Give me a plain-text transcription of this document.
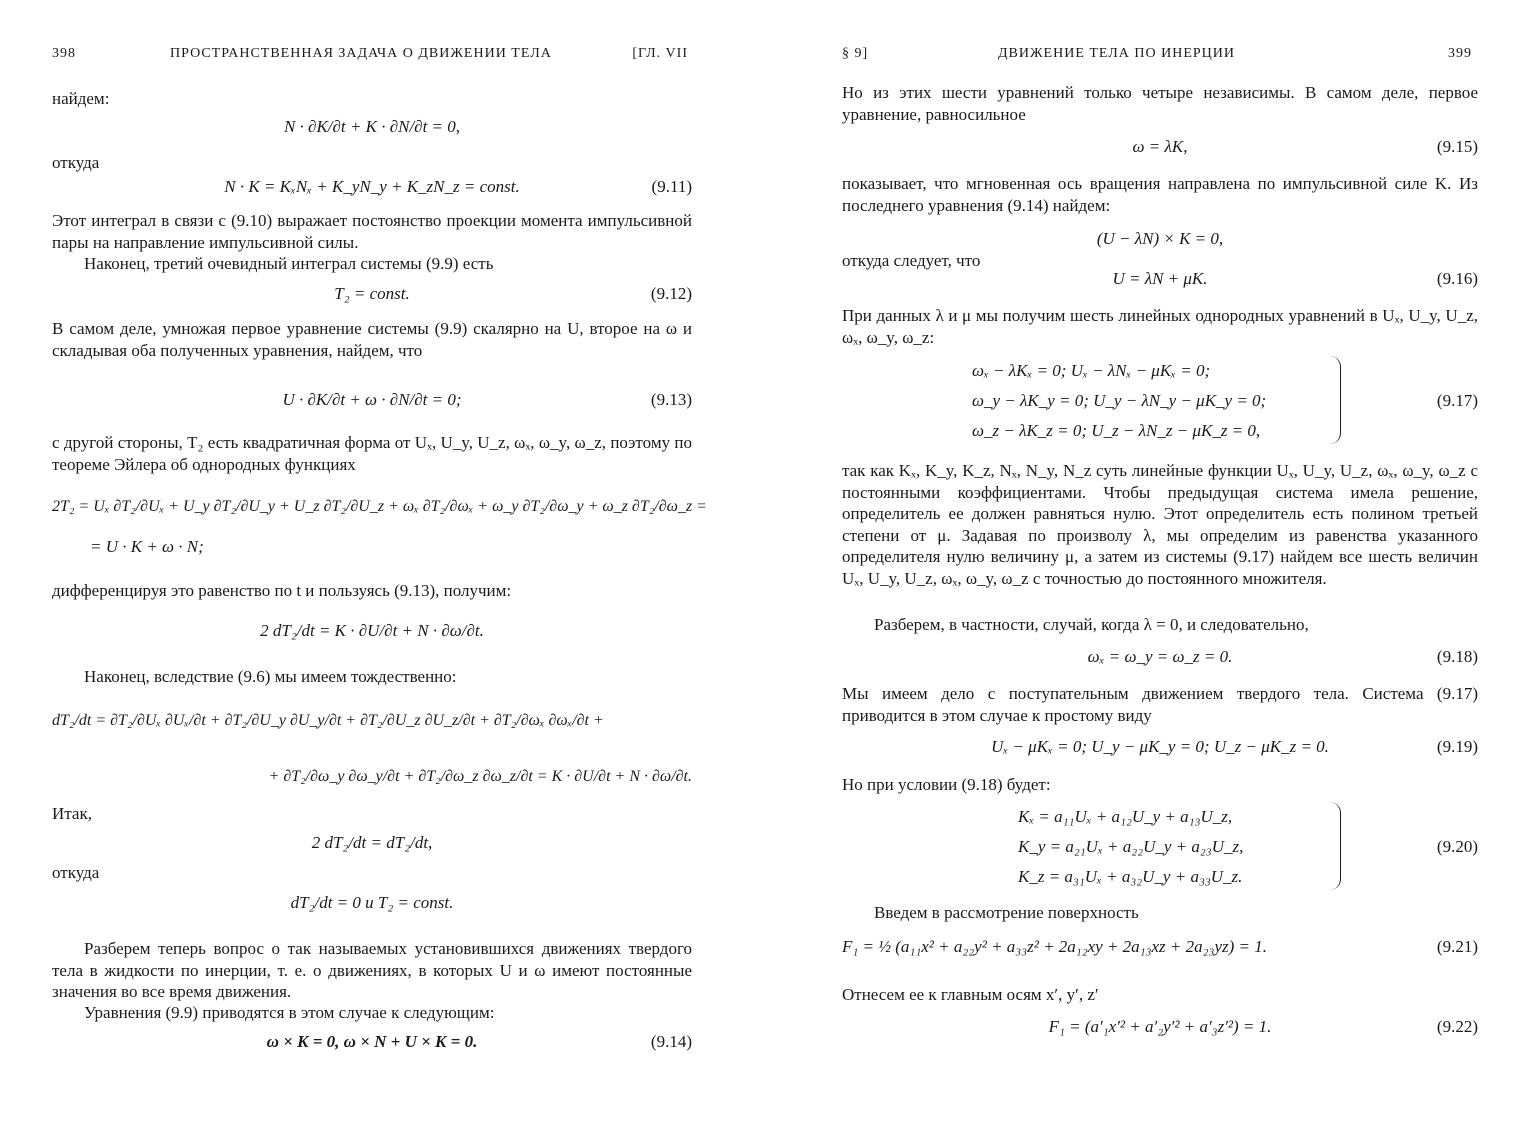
398	ПРОСТРАНСТВЕННАЯ ЗАДАЧА О ДВИЖЕНИИ ТЕЛА	[ГЛ. VII

найдем:

N · ∂K/∂t + K · ∂N/∂t = 0,

откуда

N · K = KₓNₓ + K_yN_y + K_zN_z = const.	(9.11)

Этот интеграл в связи с (9.10) выражает постоянство проекции момента импульсивной пары на направление импульсивной силы.

Наконец, третий очевидный интеграл системы (9.9) есть

T₂ = const.	(9.12)

В самом деле, умножая первое уравнение системы (9.9) скалярно на U, второе на ω и складывая оба полученных уравнения, найдем, что

U · ∂K/∂t + ω · ∂N/∂t = 0;	(9.13)

с другой стороны, T₂ есть квадратичная форма от Uₓ, U_y, U_z, ωₓ, ω_y, ω_z, поэтому по теореме Эйлера об однородных функциях

2T₂ = Uₓ ∂T₂/∂Uₓ + U_y ∂T₂/∂U_y + U_z ∂T₂/∂U_z + ωₓ ∂T₂/∂ωₓ + ω_y ∂T₂/∂ω_y + ω_z ∂T₂/∂ω_z =
= U · K + ω · N;

дифференцируя это равенство по t и пользуясь (9.13), получим:

2 dT₂/dt = K · ∂U/∂t + N · ∂ω/∂t.

Наконец, вследствие (9.6) мы имеем тождественно:

dT₂/dt = ∂T₂/∂Uₓ ∂Uₓ/∂t + ∂T₂/∂U_y ∂U_y/∂t + ∂T₂/∂U_z ∂U_z/∂t + ∂T₂/∂ωₓ ∂ωₓ/∂t +
+ ∂T₂/∂ω_y ∂ω_y/∂t + ∂T₂/∂ω_z ∂ω_z/∂t = K · ∂U/∂t + N · ∂ω/∂t.

Итак,

2 dT₂/dt = dT₂/dt,

откуда

dT₂/dt = 0 и T₂ = const.

Разберем теперь вопрос о так называемых установившихся движениях твердого тела в жидкости по инерции, т. е. о движениях, в которых U и ω имеют постоянные значения во все время движения.

Уравнения (9.9) приводятся в этом случае к следующим:

ω × K = 0, ω × N + U × K = 0.	(9.14)
§ 9]	ДВИЖЕНИЕ ТЕЛА ПО ИНЕРЦИИ	399

Но из этих шести уравнений только четыре независимы. В самом деле, первое уравнение, равносильное

ω = λK,	(9.15)

показывает, что мгновенная ось вращения направлена по импульсивной силе K. Из последнего уравнения (9.14) найдем:

(U − λN) × K = 0,

откуда следует, что

U = λN + μK.	(9.16)

При данных λ и μ мы получим шесть линейных однородных уравнений в Uₓ, U_y, U_z, ωₓ, ω_y, ω_z:

ωₓ − λKₓ = 0; Uₓ − λNₓ − μKₓ = 0;
ω_y − λK_y = 0; U_y − λN_y − μK_y = 0;
ω_z − λK_z = 0; U_z − λN_z − μK_z = 0,
(9.17)

так как Kₓ, K_y, K_z, Nₓ, N_y, N_z суть линейные функции Uₓ, U_y, U_z, ωₓ, ω_y, ω_z с постоянными коэффициентами. Чтобы предыдущая система имела решение, определитель ее должен равняться нулю. Этот определитель есть полином третьей степени от μ. Задавая по произволу λ, мы определим из равенства указанного определителя нулю величину μ, а затем из системы (9.17) найдем все шесть величин Uₓ, U_y, U_z, ωₓ, ω_y, ω_z с точностью до постоянного множителя.

Разберем, в частности, случай, когда λ = 0, и следовательно,

ωₓ = ω_y = ω_z = 0.	(9.18)

Мы имеем дело с поступательным движением твердого тела. Система (9.17) приводится в этом случае к простому виду

Uₓ − μKₓ = 0; U_y − μK_y = 0; U_z − μK_z = 0.	(9.19)

Но при условии (9.18) будет:

Kₓ = a₁₁Uₓ + a₁₂U_y + a₁₃U_z,
K_y = a₂₁Uₓ + a₂₂U_y + a₂₃U_z,
K_z = a₃₁Uₓ + a₃₂U_y + a₃₃U_z.
(9.20)

Введем в рассмотрение поверхность

F₁ = ½ (a₁₁x² + a₂₂y² + a₃₃z² + 2a₁₂xy + 2a₁₃xz + 2a₂₃yz) = 1.	(9.21)

Отнесем ее к главным осям x′, y′, z′

F₁ = (a′₁x′² + a′₂y′² + a′₃z′²) = 1.	(9.22)
